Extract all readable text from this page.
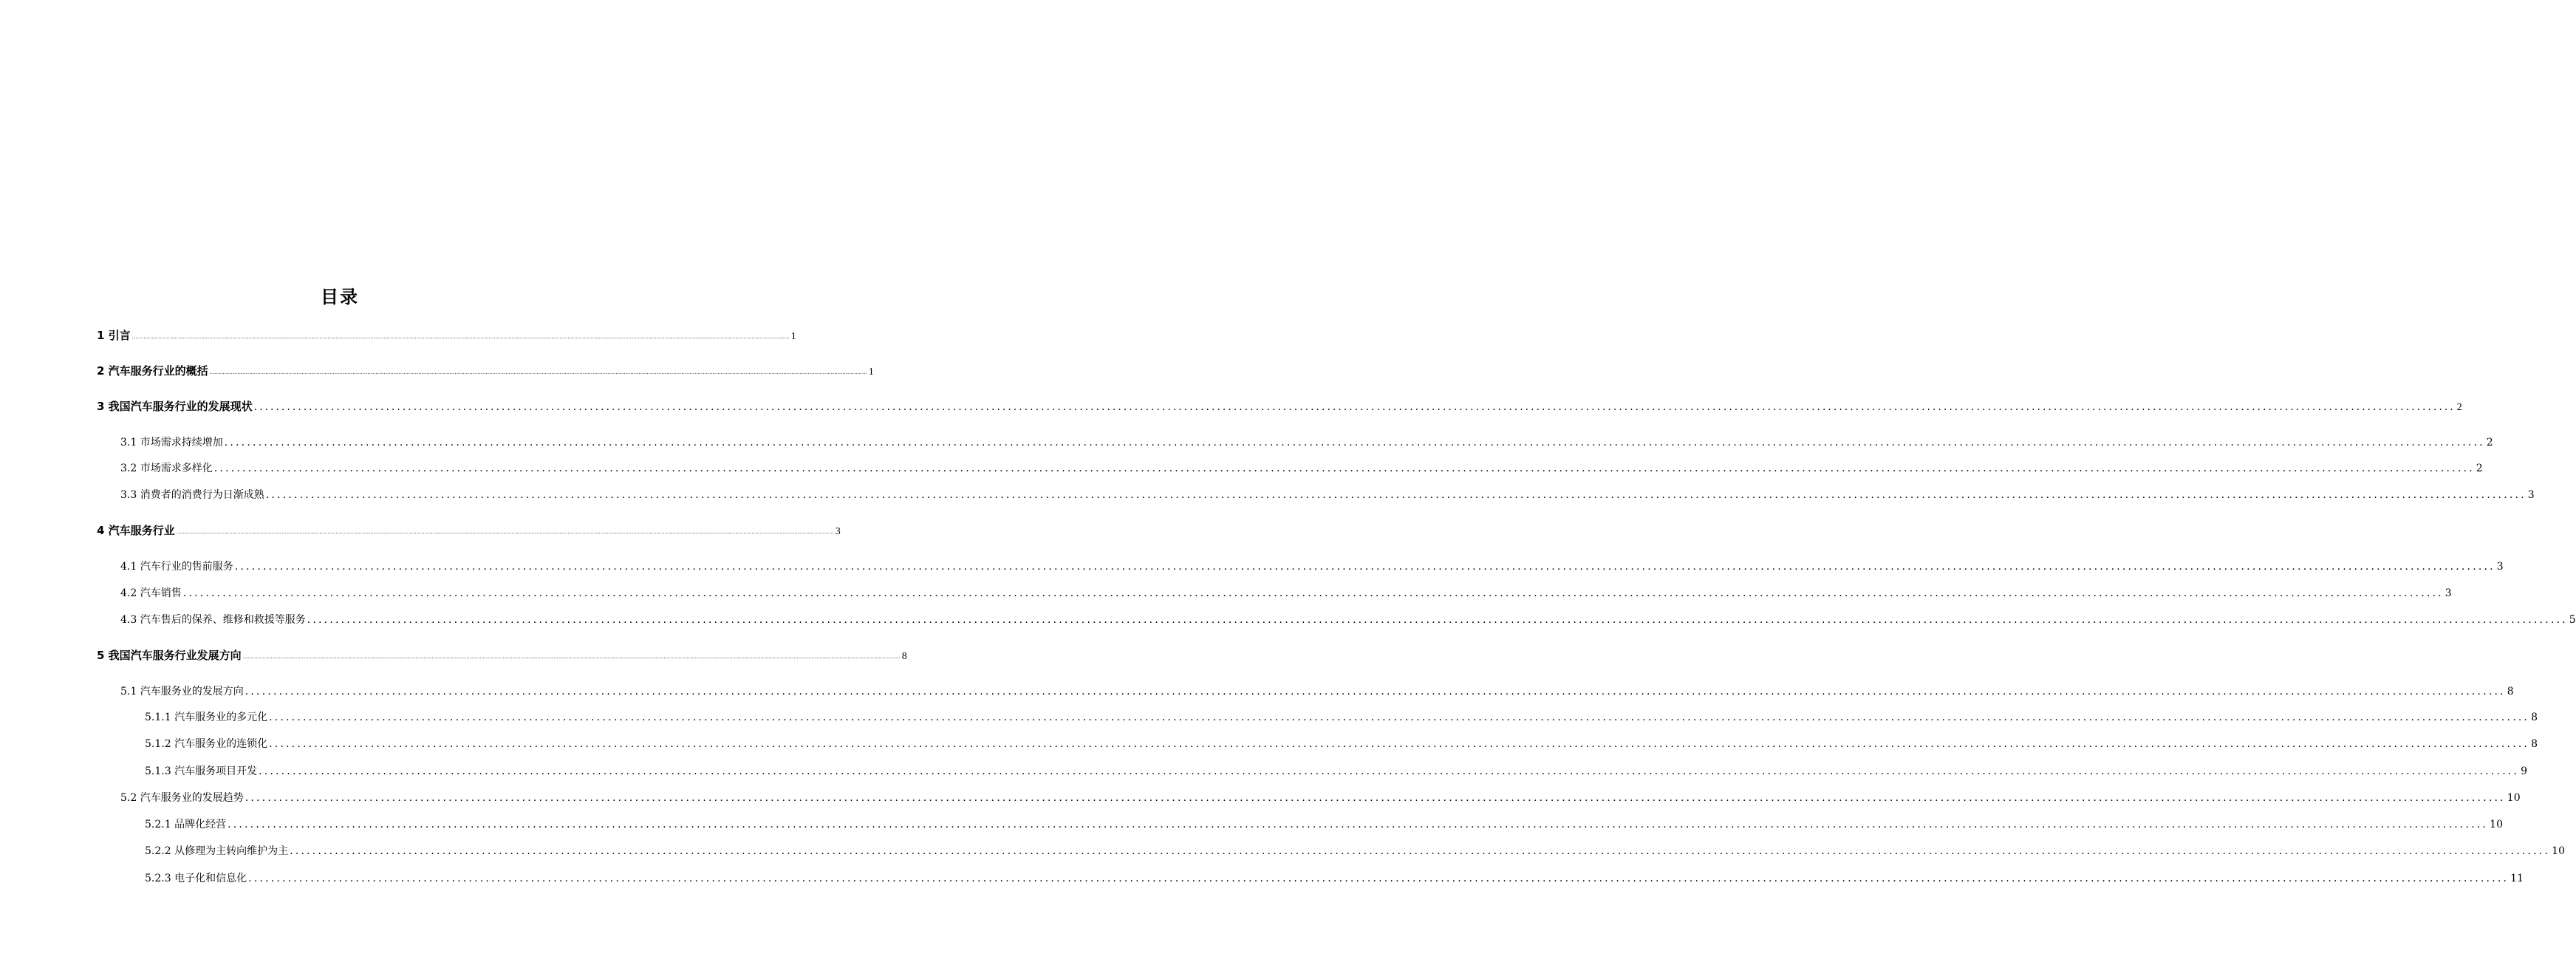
目录
1 引言 ................................................................................................................................................................................................................................................................................................................................................................................................................ 1
2 汽车服务行业的概括 ................................................................................................................................................................................................................................................................................................................................................................................................................ 1
3 我国汽车服务行业的发展现状 ................................................................................................................................................................................................................................................................................................................................................................................................................ 2
3.1 市场需求持续增加 ................................................................................................................................................................................................................................................................................................................................................................................................................ 2
3.2 市场需求多样化 ................................................................................................................................................................................................................................................................................................................................................................................................................ 2
3.3 消费者的消费行为日渐成熟 ................................................................................................................................................................................................................................................................................................................................................................................................................ 3
4 汽车服务行业 ................................................................................................................................................................................................................................................................................................................................................................................................................ 3
4.1 汽车行业的售前服务 ................................................................................................................................................................................................................................................................................................................................................................................................................ 3
4.2 汽车销售 ................................................................................................................................................................................................................................................................................................................................................................................................................ 3
4.3 汽车售后的保养、维修和救援等服务 ................................................................................................................................................................................................................................................................................................................................................................................................................ 5
5 我国汽车服务行业发展方向 ................................................................................................................................................................................................................................................................................................................................................................................................................ 8
5.1 汽车服务业的发展方向 ................................................................................................................................................................................................................................................................................................................................................................................................................ 8
5.1.1 汽车服务业的多元化 ................................................................................................................................................................................................................................................................................................................................................................................................................ 8
5.1.2 汽车服务业的连锁化 ................................................................................................................................................................................................................................................................................................................................................................................................................ 8
5.1.3 汽车服务项目开发 ................................................................................................................................................................................................................................................................................................................................................................................................................ 9
5.2 汽车服务业的发展趋势 ................................................................................................................................................................................................................................................................................................................................................................................................................ 10
5.2.1 品牌化经营 ................................................................................................................................................................................................................................................................................................................................................................................................................ 10
5.2.2 从修理为主转向维护为主 ................................................................................................................................................................................................................................................................................................................................................................................................................ 10
5.2.3 电子化和信息化 ................................................................................................................................................................................................................................................................................................................................................................................................................ 11
